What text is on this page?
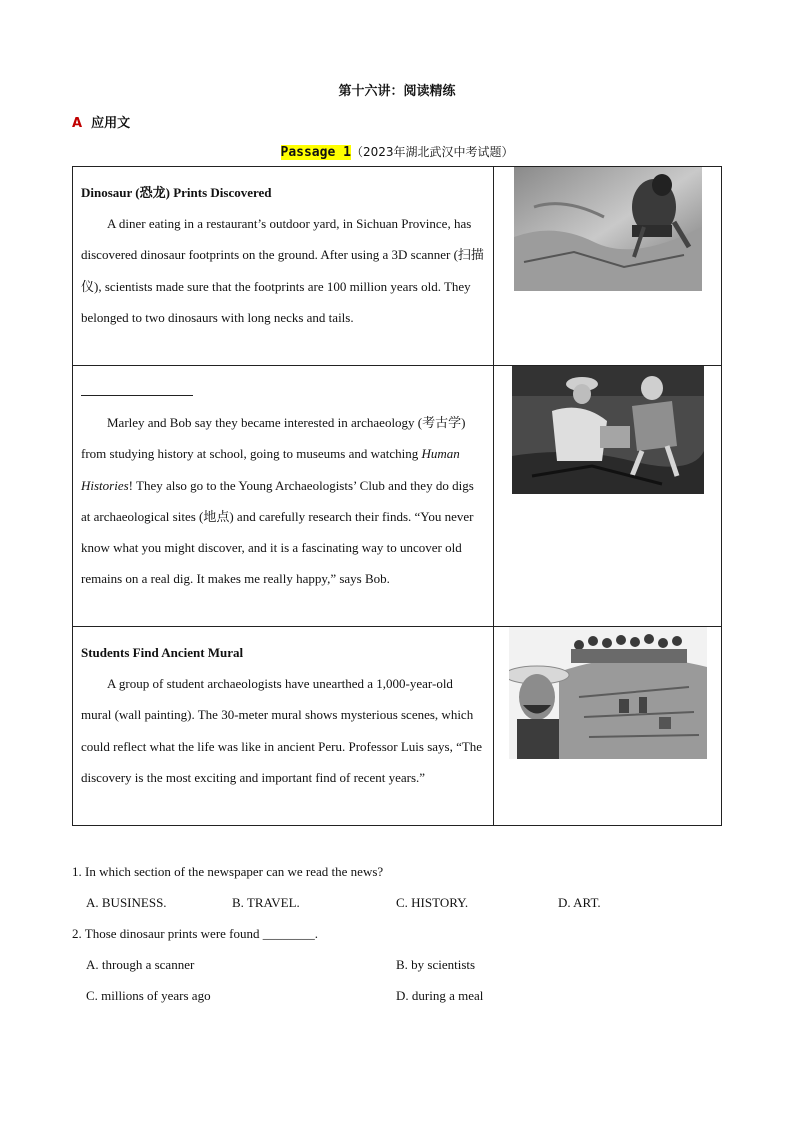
第十六讲：阅读精练
A 应用文
Passage 1（2023年湖北武汉中考试题）
Dinosaur (恐龙) Prints Discovered
A diner eating in a restaurant’s outdoor yard, in Sichuan Province, has discovered dinosaur footprints on the ground. After using a 3D scanner (扫描仪), scientists made sure that the footprints are 100 million years old. They belonged to two dinosaurs with long necks and tails.

Marley and Bob say they became interested in archaeology (考古学) from studying history at school, going to museums and watching Human Histories! They also go to the Young Archaeologists’ Club and they do digs at archaeological sites (地点) and carefully research their finds. “You never know what you might discover, and it is a fascinating way to uncover old remains on a real dig. It makes me really happy,” says Bob.

Students Find Ancient Mural
A group of student archaeologists have unearthed a 1,000-year-old mural (wall painting). The 30-meter mural shows mysterious scenes, which could reflect what the life was like in ancient Peru. Professor Luis says, “The discovery is the most exciting and important find of recent years.”

1. In which section of the newspaper can we read the news?
A. BUSINESS.	B. TRAVEL.	C. HISTORY.	D. ART.
2. Those dinosaur prints were found ________.
A. through a scanner	B. by scientists
C. millions of years ago	D. during a meal
